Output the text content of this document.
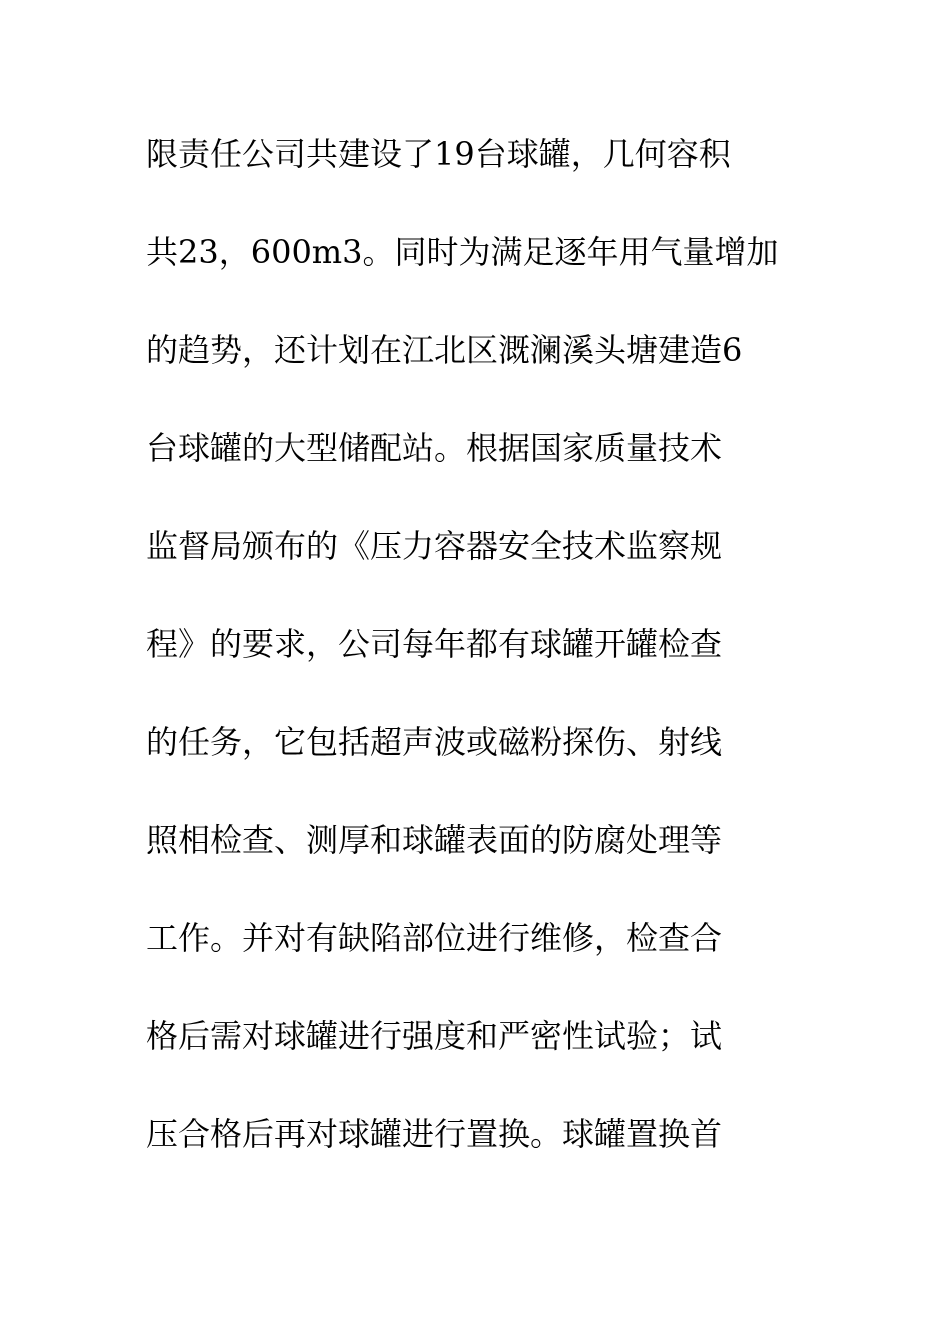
限责任公司共建设了19台球罐，几何容积
共23，600m3。同时为满足逐年用气量增加
的趋势，还计划在江北区溉澜溪头塘建造6
台球罐的大型储配站。根据国家质量技术
监督局颁布的《压力容器安全技术监察规
程》的要求，公司每年都有球罐开罐检查
的任务，它包括超声波或磁粉探伤、射线
照相检查、测厚和球罐表面的防腐处理等
工作。并对有缺陷部位进行维修，检查合
格后需对球罐进行强度和严密性试验；试
压合格后再对球罐进行置换。球罐置换首
